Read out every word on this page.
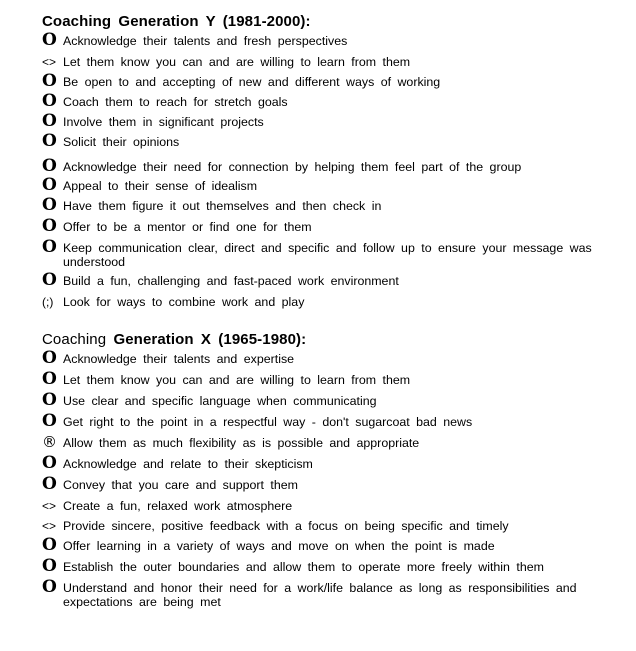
Coaching Generation Y (1981-2000):
O Acknowledge their talents and fresh perspectives
<> Let them know you can and are willing to learn from them
O Be open to and accepting of new and different ways of working
O Coach them to reach for stretch goals
O Involve them in significant projects
O Solicit their opinions
O Acknowledge their need for connection by helping them feel part of the group
O Appeal to their sense of idealism
O Have them figure it out themselves and then check in
O Offer to be a mentor or find one for them
O Keep communication clear, direct and specific and follow up to ensure your message was understood
O Build a fun, challenging and fast-paced work environment
(;) Look for ways to combine work and play
Coaching Generation X (1965-1980):
O Acknowledge their talents and expertise
O Let them know you can and are willing to learn from them
O Use clear and specific language when communicating
O Get right to the point in a respectful way - don't sugarcoat bad news
® Allow them as much flexibility as is possible and appropriate
O Acknowledge and relate to their skepticism
O Convey that you care and support them
<> Create a fun, relaxed work atmosphere
<> Provide sincere, positive feedback with a focus on being specific and timely
O Offer learning in a variety of ways and move on when the point is made
O Establish the outer boundaries and allow them to operate more freely within them
O Understand and honor their need for a work/life balance as long as responsibilities and expectations are being met
